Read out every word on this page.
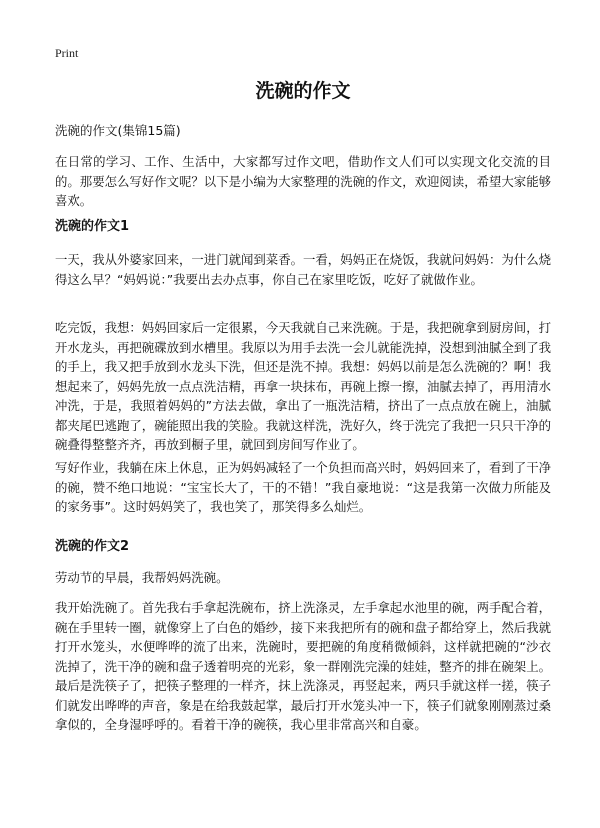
Print
洗碗的作文
洗碗的作文(集锦15篇)

在日常的学习、工作、生活中，大家都写过作文吧，借助作文人们可以实现文化交流的目的。那要怎么写好作文呢？以下是小编为大家整理的洗碗的作文，欢迎阅读，希望大家能够喜欢。

洗碗的作文1

一天，我从外婆家回来，一进门就闻到菜香。一看，妈妈正在烧饭，我就问妈妈：为什么烧得这么早？“妈妈说：”我要出去办点事，你自己在家里吃饭，吃好了就做作业。

吃完饭，我想：妈妈回家后一定很累，今天我就自己来洗碗。于是，我把碗拿到厨房间，打开水龙头，再把碗碟放到水槽里。我原以为用手去洗一会儿就能洗掉，没想到油腻全到了我的手上，我又把手放到水龙头下洗，但还是洗不掉。我想：妈妈以前是怎么洗碗的？啊！我想起来了，妈妈先放一点点洗洁精，再拿一块抹布，再碗上擦一擦，油腻去掉了，再用清水冲洗，于是，我照着妈妈的”方法去做，拿出了一瓶洗洁精，挤出了一点点放在碗上，油腻都夹尾巴逃跑了，碗能照出我的笑脸。我就这样洗，洗好久，终于洗完了我把一只只干净的碗叠得整整齐齐，再放到橱子里，就回到房间写作业了。

写好作业，我躺在床上休息，正为妈妈减轻了一个负担而高兴时，妈妈回来了，看到了干净的碗，赞不绝口地说：“宝宝长大了，干的不错！”我自豪地说：“这是我第一次做力所能及的家务事”。这时妈妈笑了，我也笑了，那笑得多么灿烂。

洗碗的作文2

劳动节的早晨，我帮妈妈洗碗。

我开始洗碗了。首先我右手拿起洗碗布，挤上洗涤灵，左手拿起水池里的碗，两手配合着，碗在手里转一圈，就像穿上了白色的婚纱，接下来我把所有的碗和盘子都给穿上，然后我就打开水笼头，水便哗哗的流了出来，洗碗时，要把碗的角度稍微倾斜，这样就把碗的“沙衣洗掉了，洗干净的碗和盘子透着明亮的光彩，象一群刚洗完澡的娃娃，整齐的排在碗架上。最后是洗筷子了，把筷子整理的一样齐，抹上洗涤灵，再竖起来，两只手就这样一搓，筷子们就发出哗哗的声音，象是在给我鼓起掌，最后打开水笼头冲一下，筷子们就象刚刚蒸过桑拿似的，全身湿呼呼的。看着干净的碗筷，我心里非常高兴和自豪。
